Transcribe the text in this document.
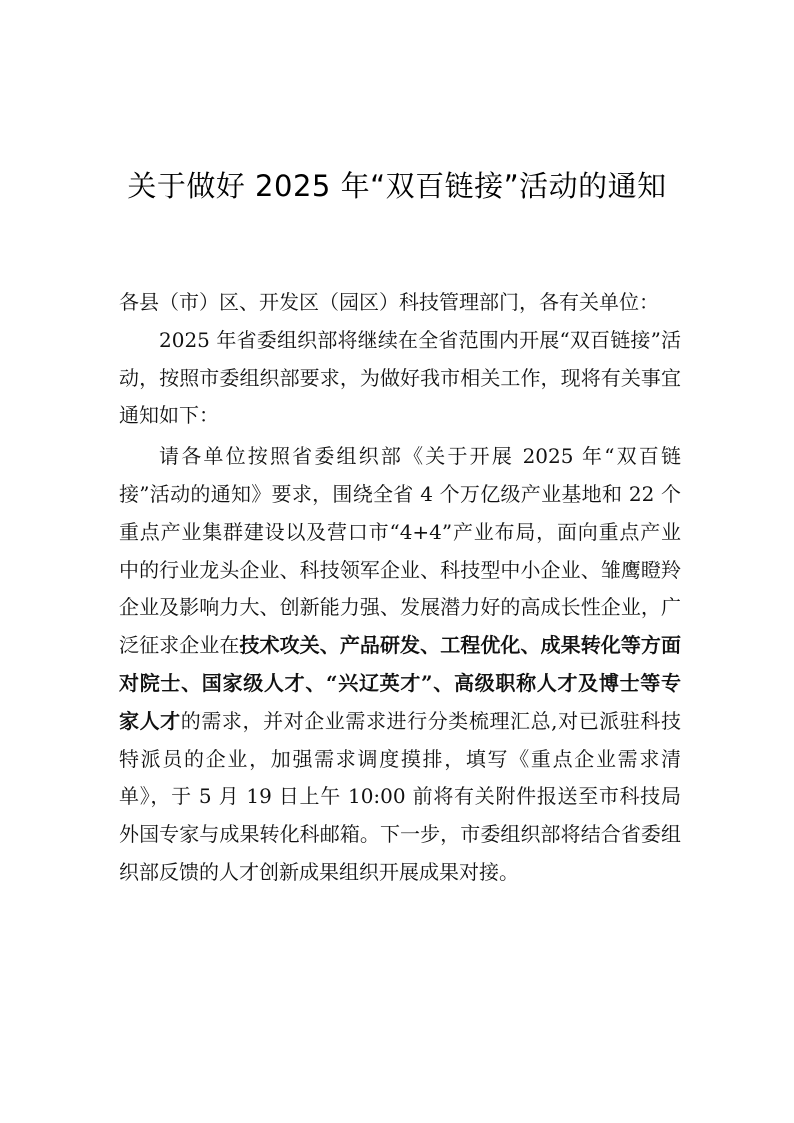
关于做好 2025 年“双百链接”活动的通知

各县（市）区、开发区（园区）科技管理部门，各有关单位：

2025 年省委组织部将继续在全省范围内开展“双百链接”活动，按照市委组织部要求，为做好我市相关工作，现将有关事宜通知如下：

请各单位按照省委组织部《关于开展 2025 年“双百链接”活动的通知》要求，围绕全省 4 个万亿级产业基地和 22 个重点产业集群建设以及营口市“4+4”产业布局，面向重点产业中的行业龙头企业、科技领军企业、科技型中小企业、雏鹰瞪羚企业及影响力大、创新能力强、发展潜力好的高成长性企业，广泛征求企业在技术攻关、产品研发、工程优化、成果转化等方面对院士、国家级人才、“兴辽英才”、高级职称人才及博士等专家人才的需求，并对企业需求进行分类梳理汇总,对已派驻科技特派员的企业，加强需求调度摸排，填写《重点企业需求清单》，于 5 月 19 日上午 10:00 前将有关附件报送至市科技局外国专家与成果转化科邮箱。下一步，市委组织部将结合省委组织部反馈的人才创新成果组织开展成果对接。
